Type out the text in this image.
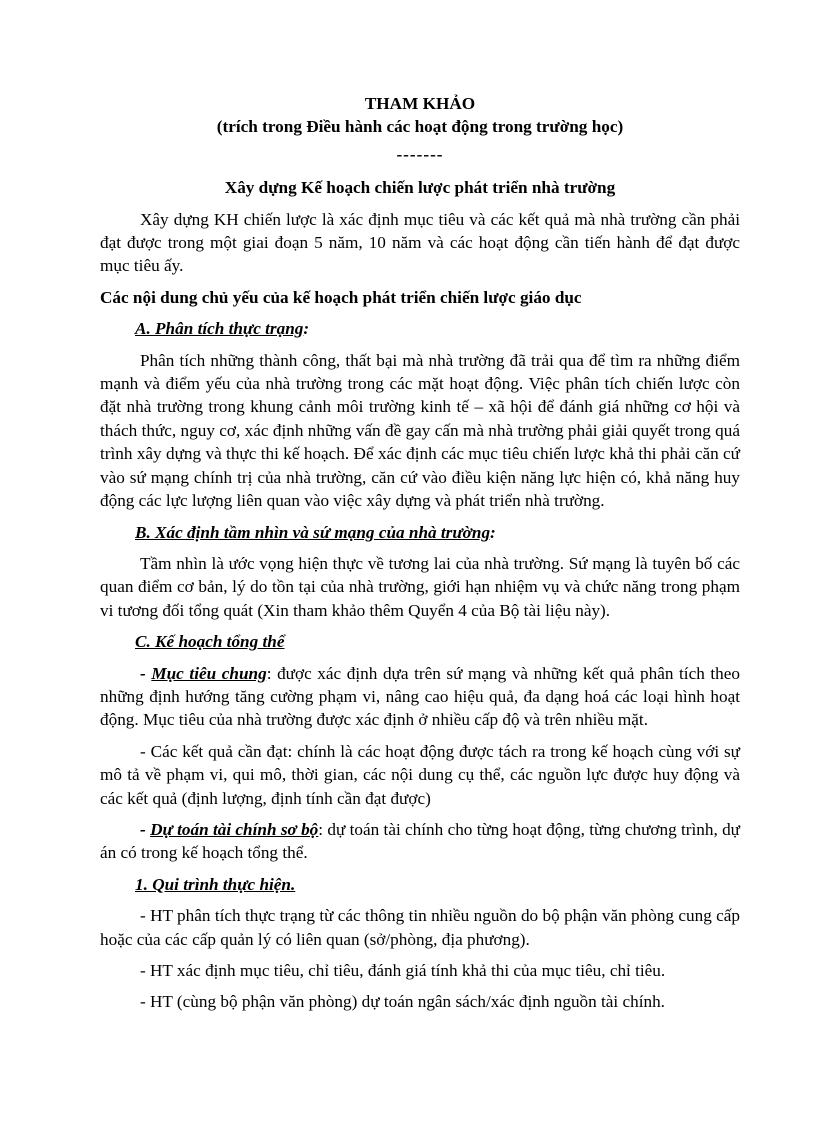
THAM KHẢO
(trích trong Điều hành các hoạt động trong trường học)
-------
Xây dựng Kế hoạch chiến lược phát triển nhà trường

Xây dựng KH chiến lược là xác định mục tiêu và các kết quả mà nhà trường cần phải đạt được trong một giai đoạn 5 năm, 10 năm và các hoạt động cần tiến hành để đạt được mục tiêu ấy.

Các nội dung chủ yếu của kế hoạch phát triển chiến lược giáo dục
A. Phân tích thực trạng:

Phân tích những thành công, thất bại mà nhà trường đã trải qua để tìm ra những điểm mạnh và điểm yếu của nhà trường trong các mặt hoạt động. Việc phân tích chiến lược còn đặt nhà trường trong khung cảnh môi trường kinh tế – xã hội để đánh giá những cơ hội và thách thức, nguy cơ, xác định những vấn đề gay cấn mà nhà trường phải giải quyết trong quá trình xây dựng và thực thi kế hoạch. Để xác định các mục tiêu chiến lược khả thi phải căn cứ vào sứ mạng chính trị của nhà trường, căn cứ vào điều kiện năng lực hiện có, khả năng huy động các lực lượng liên quan vào việc xây dựng và phát triển nhà trường.

B. Xác định tầm nhìn và sứ mạng của nhà trường:

Tầm nhìn là ước vọng hiện thực về tương lai của nhà trường. Sứ mạng là tuyên bố các quan điểm cơ bản, lý do tồn tại của nhà trường, giới hạn nhiệm vụ và chức năng trong phạm vi tương đối tổng quát (Xin tham khảo thêm Quyển 4 của Bộ tài liệu này).

C. Kế hoạch tổng thể

- Mục tiêu chung: được xác định dựa trên sứ mạng và những kết quả phân tích theo những định hướng tăng cường phạm vi, nâng cao hiệu quả, đa dạng hoá các loại hình hoạt động. Mục tiêu của nhà trường được xác định ở nhiều cấp độ và trên nhiều mặt.

- Các kết quả cần đạt: chính là các hoạt động được tách ra trong kế hoạch cùng với sự mô tả về phạm vi, qui mô, thời gian, các nội dung cụ thể, các nguồn lực được huy động và các kết quả (định lượng, định tính cần đạt được)

- Dự toán tài chính sơ bộ: dự toán tài chính cho từng hoạt động, từng chương trình, dự án có trong kế hoạch tổng thể.

1. Qui trình thực hiện.

- HT phân tích thực trạng từ các thông tin nhiều nguồn do bộ phận văn phòng cung cấp hoặc của các cấp quản lý có liên quan (sở/phòng, địa phương).

- HT xác định mục tiêu, chỉ tiêu, đánh giá tính khả thi của mục tiêu, chỉ tiêu.

- HT (cùng bộ phận văn phòng) dự toán ngân sách/xác định nguồn tài chính.
